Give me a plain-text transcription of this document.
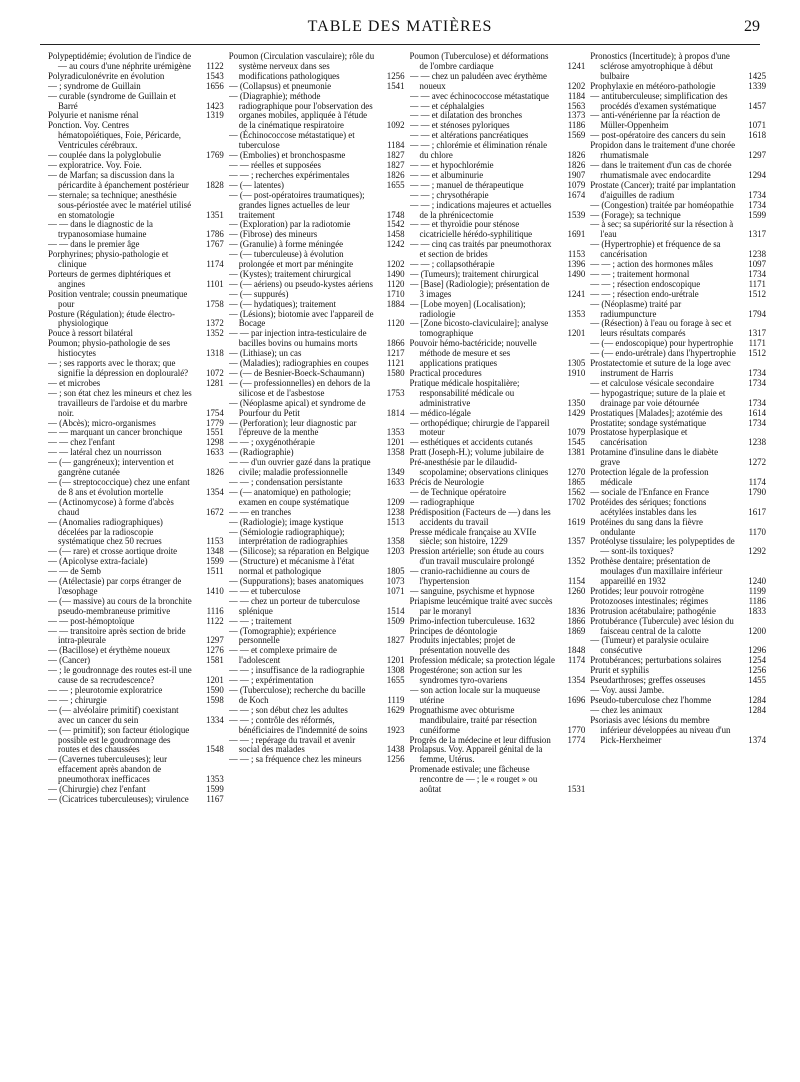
TABLE DES MATIÈRES	29

Polypeptidémie; évolution de l'indice de — au cours d'une néphrite urémigène 1122

Polyradiculonévrite en évolution	1543

— ; syndrome de Guillain	1656

— curable (syndrome de Guillain et Barré	1423

Polyurie et nanisme rénal	1319

Ponction. Voy. Centres hématopoïétiques, Foie, Péricarde, Ventricules cérébraux.

— couplée dans la polyglobulie	1769

— exploratrice. Voy. Foie.

— de Marfan; sa discussion dans la péricardite à épanchement postérieur 1828

— sternale; sa technique; anesthésie sous-périostée avec le matériel utilisé en stomatologie	1351

— — dans le diagnostic de la trypanosomiase humaine	1786

— — dans le premier âge	1767

Porphyrines; physio-pathologie et clinique	1174

Porteurs de germes diphtériques et angines	1101

Position ventrale; coussin pneumatique pour	1758

Posture (Régulation); étude électro-physiologique	1372

Pouce à ressort bilatéral	1352

Poumon; physio-pathologie de ses histiocytes	1318

— ; ses rapports avec le thorax; que signifie la dépression en doplouralé? 1072

— et microbes	1281

— ; son état chez les mineurs et chez les travailleurs de l'ardoise et du marbre noir.	1754

— (Abcès); micro-organismes	1779

— — marquant un cancer bronchique	1551

— — chez l'enfant	1298

— — latéral chez un nourrisson	1633

— (— gangréneux); intervention et gangrène cutanée	1826

— (— streptococcique) chez une enfant de 8 ans et évolution mortelle	1354

— (Actinomycose) à forme d'abcès chaud	1672

— (Anomalies radiographiques) décelées par la radioscopie systématique chez 50 recrues	1153

— (— rare) et crosse aortique droite	1348

— (Apicolyse extra-faciale)	1599

— — de Semb	1511

— (Atélectasie) par corps étranger de l'œsophage	1410

— (— massive) au cours de la bronchite pseudo-membraneuse primitive	1116

— — post-hémoptoïque	1122

— — transitoire après section de bride intra-pleurale	1297

— (Bacillose) et érythème noueux	1276

— (Cancer)	1581

— ; le goudronnage des routes est-il une cause de sa recrudescence?	1201

— — ; pleurotomie exploratrice	1590

— — ; chirurgie	1598

— (— alvéolaire primitif) coexistant avec un cancer du sein	1334

— (— primitif); son facteur étiologique possible est le goudronnage des routes et des chaussées	1548

— (Cavernes tuberculeuses); leur effacement après abandon de pneumothorax inefficaces	1353

— (Chirurgie) chez l'enfant	1599

— (Cicatrices tuberculeuses); virulence 1167

Poumon (Circulation vasculaire); rôle du système nerveux dans ses modifications pathologiques	1256

— (Collapsus) et pneumonie	1541

— (Diagraphie); méthode radiographique pour l'observation des organes mobiles, appliquée à l'étude de la cinématique respiratoire	1092

— (Échinococcose métastatique) et tuberculose	1184

— (Embolies) et bronchospasme	1827

— — réelles et supposées	1827

— — ; recherches expérimentales	1826

— (— latentes)	1655

— (— post-opératoires traumatiques); grandes lignes actuelles de leur traitement	1748

— (Exploration) par la radiotomie	1542

— (Fibrose) des mineurs	1458

— (Granulie) à forme méningée	1242

— (— tuberculeuse) à évolution prolongée et mort par méningite	1202

— (Kystes); traitement chirurgical	1490

— (— aériens) ou pseudo-kystes aériens 1120

— (— suppurés)	1710

— (— hydatiques); traitement	1884

— (Lésions); biotomie avec l'appareil de Bocage	1120

— — par injection intra-testiculaire de bacilles bovins ou humains morts	1866

— (Lithiase); un cas	1217

— (Maladies); radiographies en coupes 1121

— (— de Besnier-Boeck-Schaumann)	1580

— (— professionnelles) en dehors de la silicose et de l'asbestose	1753

— (Néoplasme apical) et syndrome de Pourfour du Petit	1814

— (Perforation); leur diagnostic par l'épreuve de la menthe	1353

— — ; oxygénothérapie	1201

— (Radiographie)	1358

— — d'un ouvrier gazé dans la pratique civile; maladie professionnelle	1349

— — ; condensation persistante	1633

— (— anatomique) en pathologie; examen en coupe systématique	1209

— — en tranches	1238

— (Radiologie); image kystique	1513

— (Sémiologie radiographique); interprétation de radiographies	1358

— (Silicose); sa réparation en Belgique 1203

— (Structure) et mécanisme à l'état normal et pathologique	1805

— (Suppurations); bases anatomiques	1073

— — et tuberculose	1071

— — chez un porteur de tuberculose splénique	1514

— — ; traitement	1509

— (Tomographie); expérience personnelle	1827

— — et complexe primaire de l'adolescent	1201

— — ; insuffisance de la radiographie 1308

— — ; expérimentation	1655

— (Tuberculose); recherche du bacille de Koch	1119

— — ; son début chez les adultes	1629

— — ; contrôle des réformés, bénéficiaires de l'indemnité de soins 1923

— — ; repérage du travail et avenir social des malades	1438

— — ; sa fréquence chez les mineurs	1256

Poumon (Tuberculose) et déformations de l'ombre cardiaque	1241

— — chez un paludéen avec érythème noueux	1202

— — avec échinococcose métastatique 1184

— — et céphalalgies	1563

— — et dilatation des bronches	1373

— — et sténoses pyloriques	1186

— — et altérations pancréatiques	1569

— — ; chlorémie et élimination rénale du chlore	1826

— — et hypochlorémie	1826

— — et albuminurie	1907

— — ; manuel de thérapeutique	1079

— — ; chrysothérapie	1674

— — ; indications majeures et actuelles de la phrénicectomie	1539

— — et thyroïdie pour sténose cicatricielle hérédo-syphilitique	1691

— — cinq cas traités par pneumothorax et section de brides	1153

— — ; collapsothérapie	1396

— (Tumeurs); traitement chirurgical	1490

— [Base] (Radiologie); présentation de 3 images	1241

— [Lobe moyen] (Localisation); radiologie	1353

— [Zone bicosto-claviculaire]; analyse tomographique	1201

Pouvoir hémo-bactéricide; nouvelle méthode de mesure et ses applications pratiques	1305

Practical procedures	1910

Pratique médicale hospitalière; responsabilité médicale ou administrative	1350

— médico-légale	1429

— orthopédique; chirurgie de l'appareil moteur	1079

— esthétiques et accidents cutanés	1545

Pratt (Joseph-H.); volume jubilaire de	1381

Pré-anesthésie par le dilaudid-scopolamine; observations cliniques 1270

Précis de Neurologie	1865

— de Technique opératoire	1562

— radiographique	1702

Prédisposition (Facteurs de —) dans les accidents du travail	1619

Presse médicale française au XVIIe siècle; son histoire, 1229	1357

Pression artérielle; son étude au cours d'un travail musculaire prolongé	1352

— cranio-rachidienne au cours de l'hypertension	1154

— sanguine, psychisme et hypnose	1260

Priapisme leucémique traité avec succès par le moranyl	1836

Primo-infection tuberculeuse. 1632	1866

Principes de déontologie	1869

Produits injectables; projet de présentation nouvelle des	1848

Profession médicale; sa protection légale 1174

Progestérone; son action sur les syndromes tyro-ovariens	1354

— son action locale sur la muqueuse utérine	1696

Prognathisme avec obturisme mandibulaire, traité par résection cunéiforme	1770

Progrès de la médecine et leur diffusion 1774

Prolapsus. Voy. Appareil génital de la femme, Utérus.

Promenade estivale; une fâcheuse rencontre de — ; le « rouget » ou aoûtat	1531

Pronostics (Incertitude); à propos d'une sclérose amyotrophique à début bulbaire	1425

Prophylaxie en météoro-pathologie	1339

— antituberculeuse; simplification des procédés d'examen systématique	1457

— anti-vénérienne par la réaction de Müller-Oppenheim	1071

— post-opératoire des cancers du sein	1618

Propidon dans le traitement d'une chorée rhumatismale	1297

— dans le traitement d'un cas de chorée rhumatismale avec endocardite	1294

Prostate (Cancer); traité par implantation d'aiguilles de radium	1734

— (Congestion) traitée par homéopathie 1734

— (Forage); sa technique	1599

— à sec; sa supériorité sur la résection à l'eau	1317

— (Hypertrophie) et fréquence de sa cancérisation	1238

— — ; action des hormones mâles	1097

— — ; traitement hormonal	1734

— — ; résection endoscopique	1171

— — ; résection endo-urétrale	1512

— (Néoplasme) traité par radiumpuncture	1794

— (Résection) à l'eau ou forage à sec et leurs résultats comparés	1317

— (— endoscopique) pour hypertrophie 1171

— (— endo-urétrale) dans l'hypertrophie 1512

Prostatectomie et suture de la loge avec instrument de Harris	1734

— et calculose vésicale secondaire	1734

— hypogastrique; suture de la plaie et drainage par voie détournée	1734

Prostatiques [Malades]; azotémie des	1614

Prostatite; sondage systématique	1734

Prostatose hyperplasique et cancérisation	1238

Protamine d'insuline dans le diabète grave	1272

Protection légale de la profession médicale	1174

— sociale de l'Enfance en France	1790

Protéides des sériques; fonctions acétylées instables dans les	1617

Protéines du sang dans la fièvre ondulante	1170

Protéolyse tissulaire; les polypeptides de — sont-ils toxiques?	1292

Prothèse dentaire; présentation de moulages d'un maxillaire inférieur appareillé en 1932	1240

Protides; leur pouvoir rotrogène	1199

Protozooses intestinales; régimes	1186

Protrusion acétabulaire; pathogénie	1833

Protubérance (Tubercule) avec lésion du faisceau central de la calotte	1200

— (Tumeur) et paralysie oculaire consécutive	1296

Protubérances; perturbations solaires	1254

Prurit et syphilis	1256

Pseudarthroses; greffes osseuses	1455

— Voy. aussi Jambe.

Pseudo-tuberculose chez l'homme	1284

— chez les animaux	1284

Psoriasis avec lésions du membre inférieur développées au niveau d'un Pick-Herxheimer	1374
